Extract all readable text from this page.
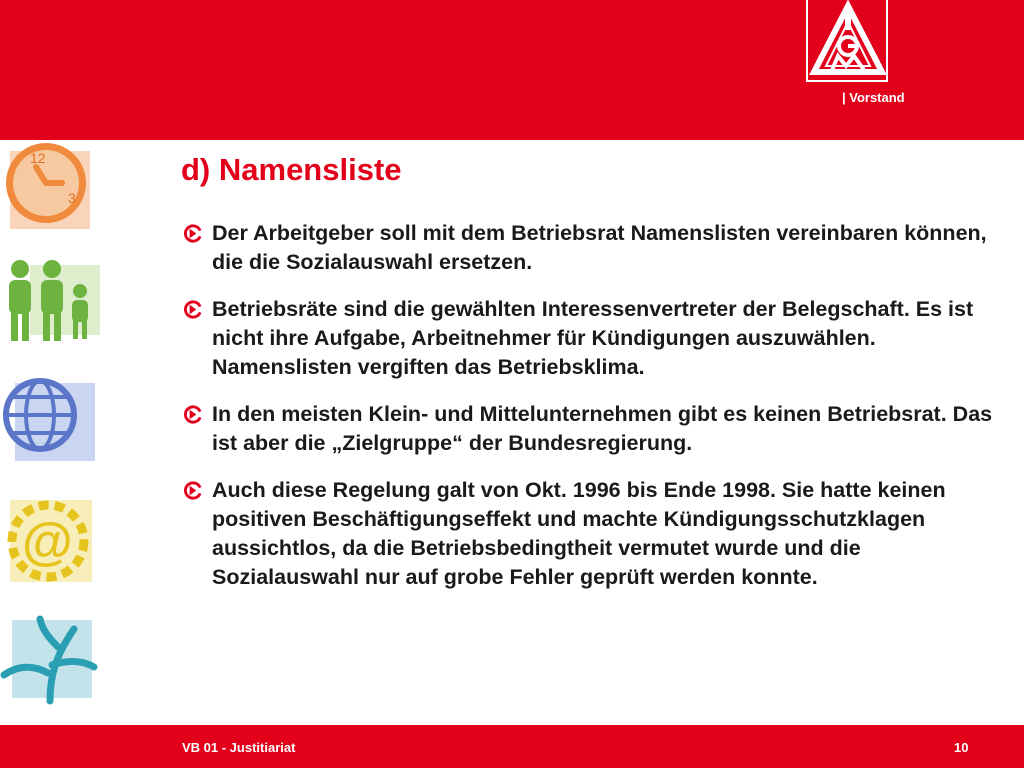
| Vorstand
12
3
@
d) Namensliste
Der Arbeitgeber soll mit dem Betriebsrat Namenslisten vereinbaren können, die die Sozialauswahl ersetzen.
Betriebsräte sind die gewählten Interessenvertreter der Belegschaft. Es ist nicht ihre Aufgabe, Arbeitnehmer für Kündigungen auszuwählen. Namenslisten vergiften das Betriebsklima.
In den meisten Klein- und Mittelunternehmen gibt es keinen Betriebsrat. Das ist aber die „Zielgruppe“ der Bundesregierung.
Auch diese Regelung galt von Okt. 1996 bis Ende 1998. Sie hatte keinen positiven Beschäftigungseffekt und machte Kündigungsschutzklagen aussichtlos, da die Betriebsbedingtheit vermutet wurde und die Sozialauswahl nur auf grobe Fehler geprüft werden konnte.
VB 01 - Justitiariat	10
